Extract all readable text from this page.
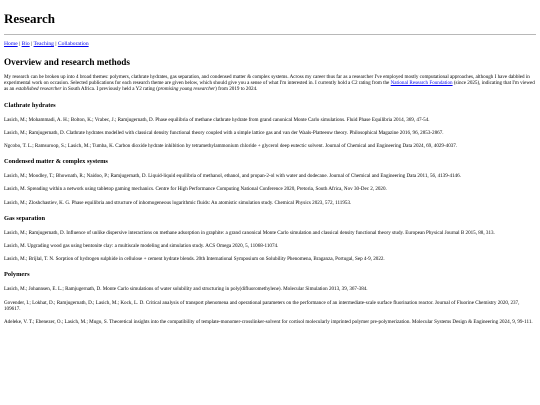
Research
Home | Bio | Teaching | Collaboration
Overview and research methods

My research can be broken up into 4 broad themes: polymers, clathrate hydrates, gas separation, and condensed matter & complex systems. Across my career thus far as a researcher I've employed mostly computational approaches, although I have dabbled in experimental work on occasion. Selected publications for each research theme are given below, which should give you a sense of what I'm interested in. I currently hold a C2 rating from the National Research Foundation (since 2025), indicating that I'm viewed as an established researcher in South Africa. I previously held a Y2 rating (promising young researcher) from 2019 to 2024.

Clathrate hydrates

Lasich, M.; Mohammadi, A. H.; Bolton, K.; Vrabec, J.; Ramjugernath, D. Phase equilibria of methane clathrate hydrate from grand canonical Monte Carlo simulations. Fluid Phase Equilibria 2014, 369, 47-54.

Lasich, M.; Ramjugernath, D. Clathrate hydrates modelled with classical density functional theory coupled with a simple lattice gas and van der Waals-Platteeuw theory. Philosophical Magazine 2016, 96, 2853-2867.

Ngcobo, T. L.; Ramsuroop, S.; Lasich, M.; Tumba, K. Carbon dioxide hydrate inhibition by tetramethylammonium chloride + glycerol deep eutectic solvent. Journal of Chemical and Engineering Data 2024, 69, 4029-4037.

Condensed matter & complex systems

Lasich, M.; Moodley, T.; Bhownath, R.; Naidoo, P.; Ramjugernath, D. Liquid-liquid equilibria of methanol, ethanol, and propan-2-ol with water and dodecane. Journal of Chemical and Engineering Data 2011, 56, 4139-4146.

Lasich, M. Spreading within a network using tabletop gaming mechanics. Centre for High Performance Computing National Conference 2020, Pretoria, South Africa, Nov 30-Dec 2, 2020.

Lasich, M.; Zloshchastiev, K. G. Phase equilibria and structure of inhomogeneous logarithmic fluids: An atomistic simulation study. Chemical Physics 2023, 572, 111953.

Gas separation

Lasich, M.; Ramjugernath, D. Influence of unlike dispersive interactions on methane adsorption in graphite: a grand canonical Monte Carlo simulation and classical density functional theory study. European Physical Journal B 2015, 88, 313.

Lasich, M. Upgrading wood gas using bentonite clay: a multiscale modeling and simulation study. ACS Omega 2020, 5, 11068-11074.

Lasich, M.; Brijlal, T. N. Sorption of hydrogen sulphide in cellulose + cement hydrate blends. 20th International Symposium on Solubility Phenomena, Braganza, Portugal, Sep 4-9, 2022.

Polymers

Lasich, M.; Johannsen, E. L.; Ramjugernath, D. Monte Carlo simulations of water solubility and structuring in poly(difluoromethylene). Molecular Simulation 2013, 39, 367-384.

Govender, I.; Lokhat, D.; Ramjugernath, D.; Lasich, M.; Kock, L. D. Critical analysis of transport phenomena and operational parameters on the performance of an intermediate-scale surface fluorination reactor. Journal of Fluorine Chemistry 2020, 237, 109617.

Adeleke, V. T.; Ebenezer, O.; Lasich, M.; Mugo, S. Theoretical insights into the compatibility of template-monomer-crosslinker-solvent for cortisol molecularly imprinted polymer pre-polymerization. Molecular Systems Design & Engineering 2024, 9, 99-111.
